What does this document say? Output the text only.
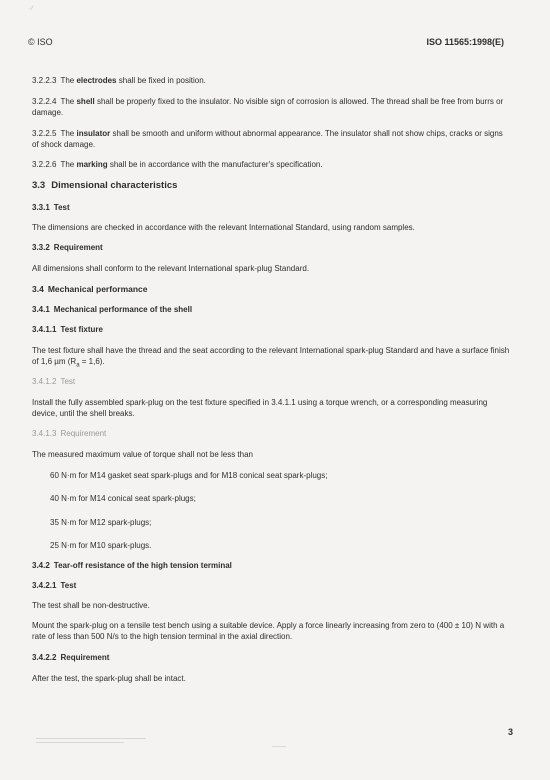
· ⁄
© ISO	ISO 11565:1998(E)
3.2.2.3 The electrodes shall be fixed in position.
3.2.2.4 The shell shall be properly fixed to the insulator. No visible sign of corrosion is allowed. The thread shall be free from burrs or damage.
3.2.2.5 The insulator shall be smooth and uniform without abnormal appearance. The insulator shall not show chips, cracks or signs of shock damage.
3.2.2.6 The marking shall be in accordance with the manufacturer's specification.
3.3 Dimensional characteristics
3.3.1 Test
The dimensions are checked in accordance with the relevant International Standard, using random samples.
3.3.2 Requirement
All dimensions shall conform to the relevant International spark-plug Standard.
3.4 Mechanical performance
3.4.1 Mechanical performance of the shell
3.4.1.1 Test fixture
The test fixture shall have the thread and the seat according to the relevant International spark-plug Standard and have a surface finish of 1,6 µm $(R_a = 1,6)$.
3.4.1.2 Test
Install the fully assembled spark-plug on the test fixture specified in 3.4.1.1 using a torque wrench, or a corresponding measuring device, until the shell breaks.
3.4.1.3 Requirement
The measured maximum value of torque shall not be less than
60 N·m for M14 gasket seat spark-plugs and for M18 conical seat spark-plugs;
40 N·m for M14 conical seat spark-plugs;
35 N·m for M12 spark-plugs;
25 N·m for M10 spark-plugs.
3.4.2 Tear-off resistance of the high tension terminal
3.4.2.1 Test
The test shall be non-destructive.
Mount the spark-plug on a tensile test bench using a suitable device. Apply a force linearly increasing from zero to (400 ± 10) N with a rate of less than 500 N/s to the high tension terminal in the axial direction.
3.4.2.2 Requirement
After the test, the spark-plug shall be intact.
3
